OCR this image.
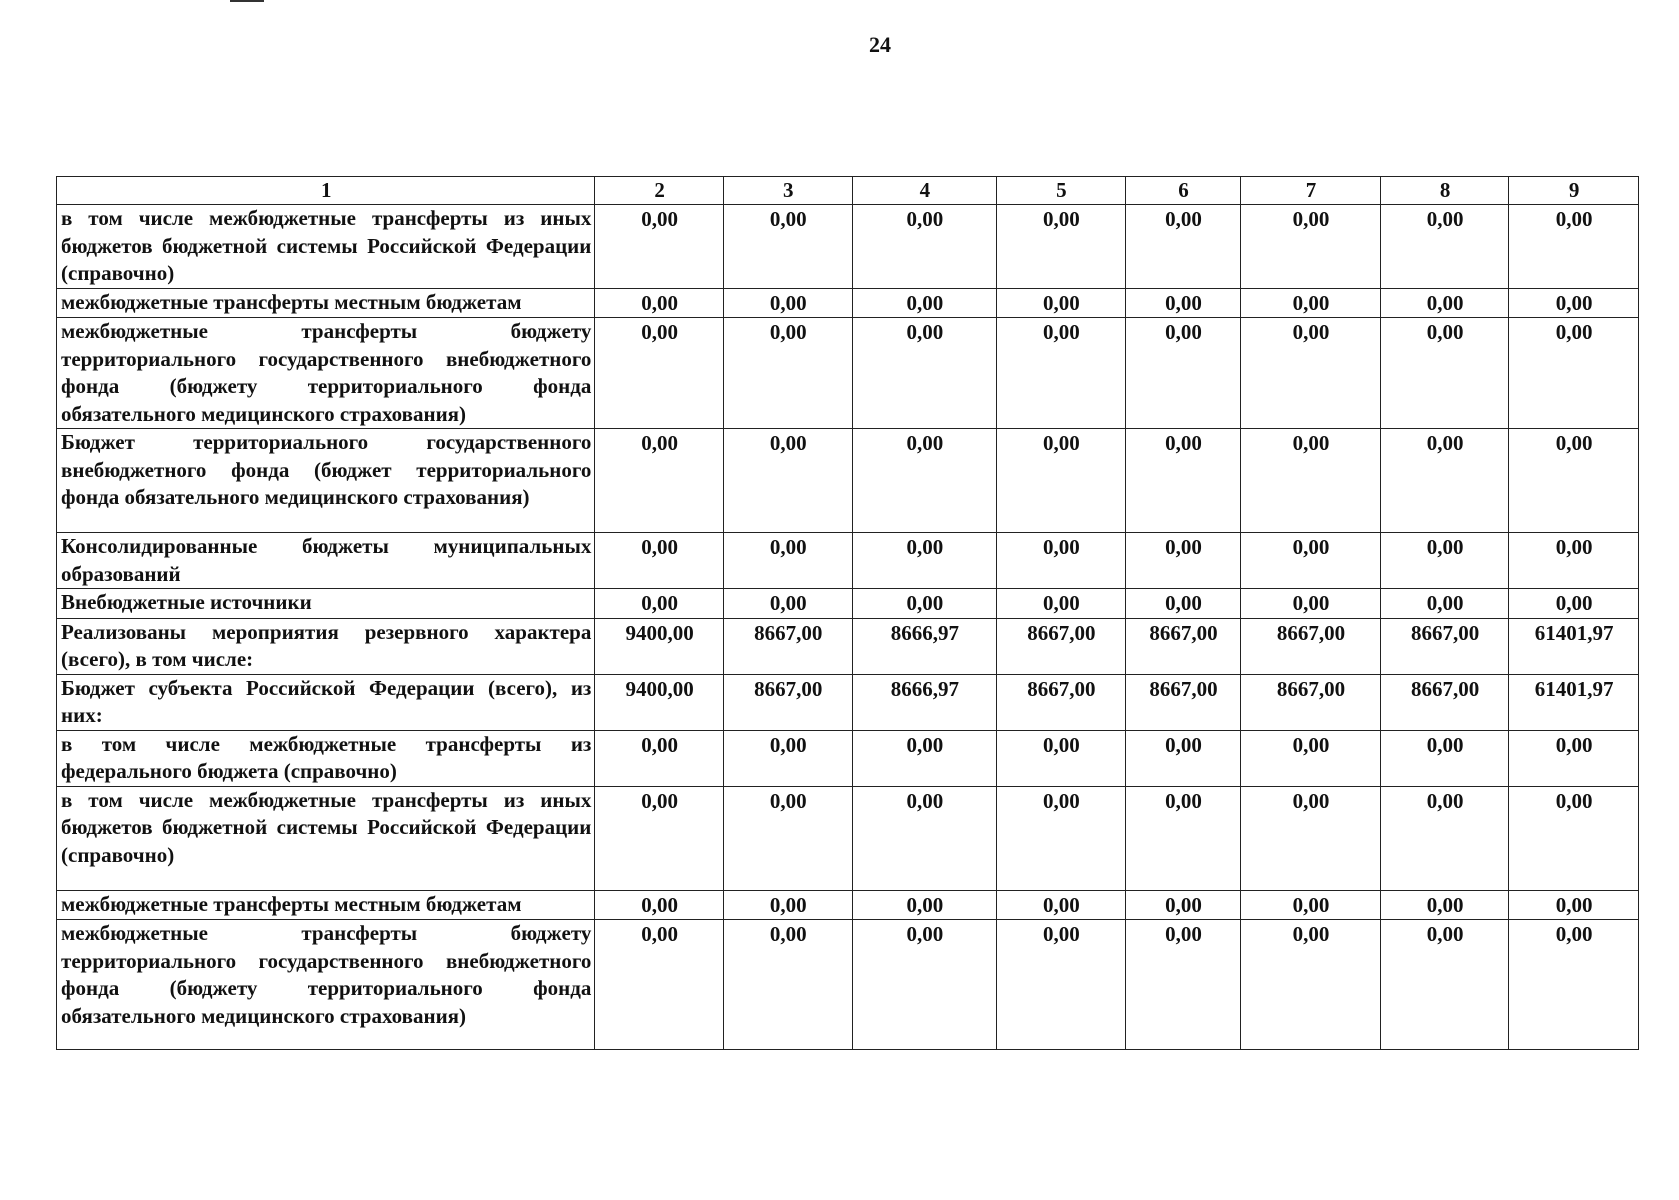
24
1	2	3	4	5	6	7	8	9
в том числе межбюджетные трансферты из иных бюджетов бюджетной системы Российской Федерации (справочно)	0,00	0,00	0,00	0,00	0,00	0,00	0,00	0,00
межбюджетные трансферты местным бюджетам	0,00	0,00	0,00	0,00	0,00	0,00	0,00	0,00
межбюджетные трансферты бюджету территориального государственного внебюджетного фонда (бюджету территориального фонда обязательного медицинского страхования)	0,00	0,00	0,00	0,00	0,00	0,00	0,00	0,00
Бюджет территориального государственного внебюджетного фонда (бюджет территориального фонда обязательного медицинского страхования)	0,00	0,00	0,00	0,00	0,00	0,00	0,00	0,00
Консолидированные бюджеты муниципальных образований	0,00	0,00	0,00	0,00	0,00	0,00	0,00	0,00
Внебюджетные источники	0,00	0,00	0,00	0,00	0,00	0,00	0,00	0,00
Реализованы мероприятия резервного характера (всего), в том числе:	9400,00	8667,00	8666,97	8667,00	8667,00	8667,00	8667,00	61401,97
Бюджет субъекта Российской Федерации (всего), из них:	9400,00	8667,00	8666,97	8667,00	8667,00	8667,00	8667,00	61401,97
в том числе межбюджетные трансферты из федерального бюджета (справочно)	0,00	0,00	0,00	0,00	0,00	0,00	0,00	0,00
в том числе межбюджетные трансферты из иных бюджетов бюджетной системы Российской Федерации (справочно)	0,00	0,00	0,00	0,00	0,00	0,00	0,00	0,00
межбюджетные трансферты местным бюджетам	0,00	0,00	0,00	0,00	0,00	0,00	0,00	0,00
межбюджетные трансферты бюджету территориального государственного внебюджетного фонда (бюджету территориального фонда обязательного медицинского страхования)	0,00	0,00	0,00	0,00	0,00	0,00	0,00	0,00
